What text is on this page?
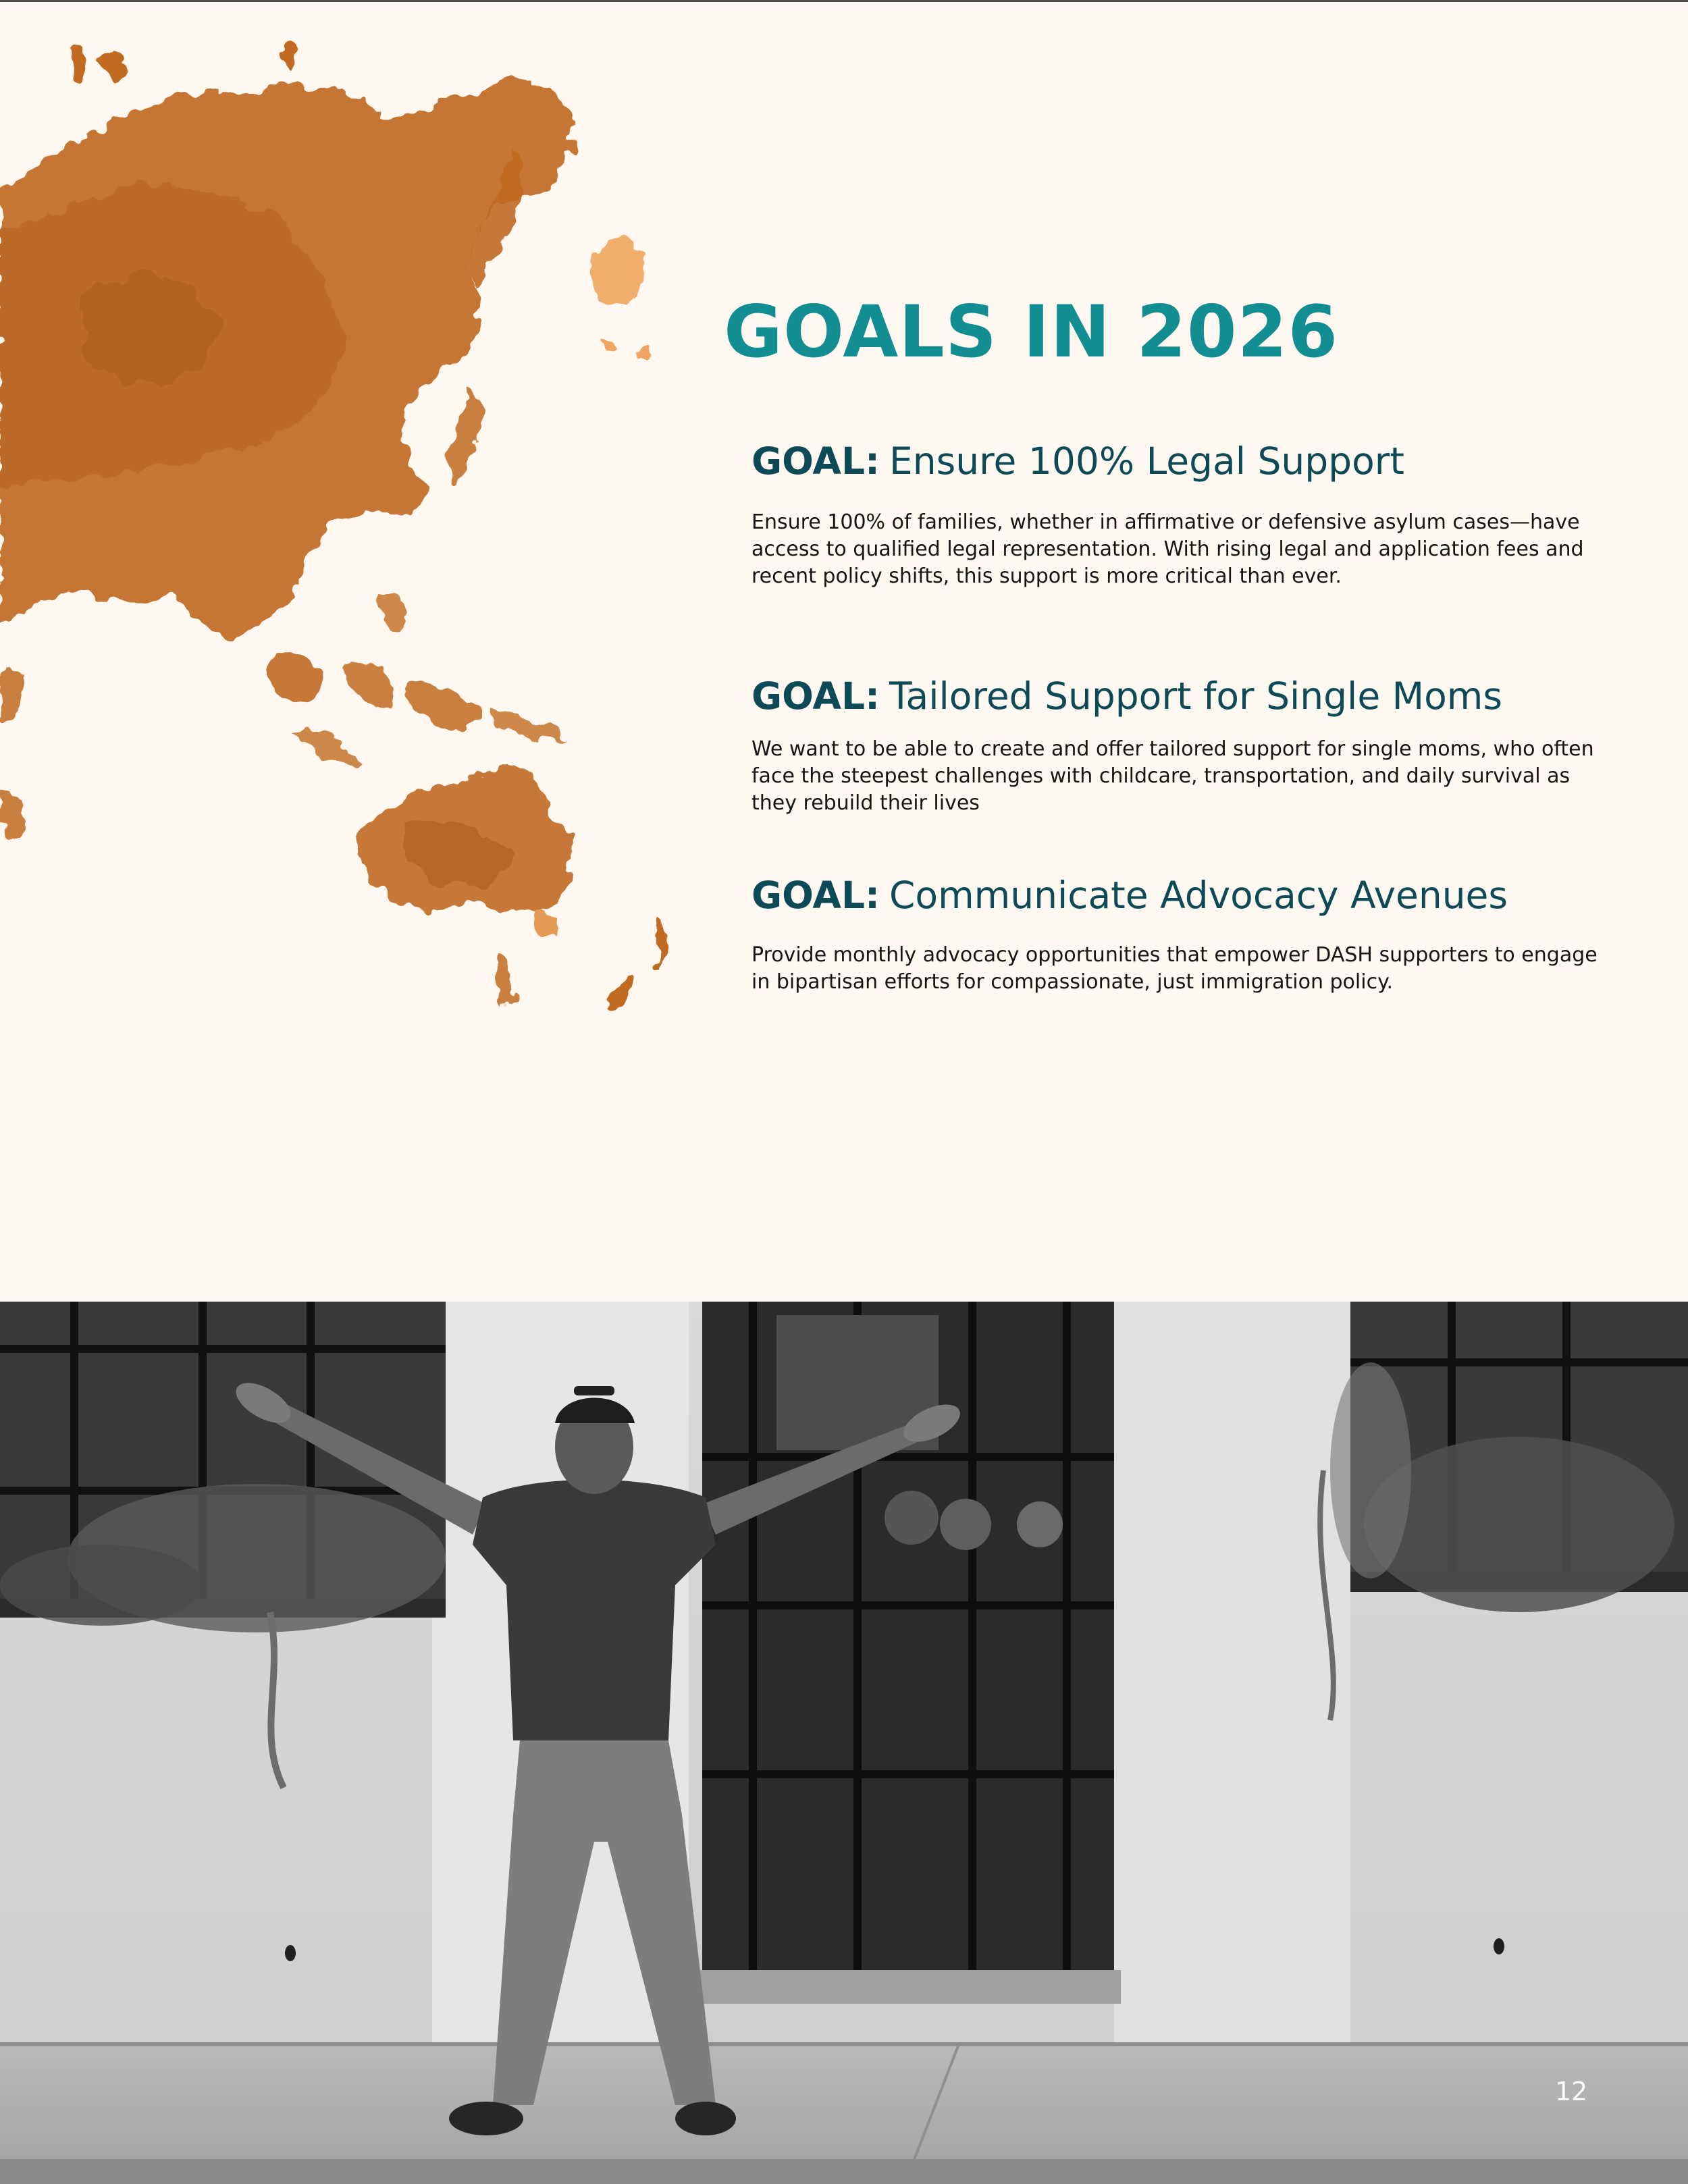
GOALS IN 2026
GOAL: Ensure 100% Legal Support

Ensure 100% of families, whether in affirmative or defensive asylum cases—have access to qualified legal representation. With rising legal and application fees and recent policy shifts, this support is more critical than ever.

GOAL: Tailored Support for Single Moms

We want to be able to create and offer tailored support for single moms, who often face the steepest challenges with childcare, transportation, and daily survival as they rebuild their lives

GOAL: Communicate Advocacy Avenues

Provide monthly advocacy opportunities that empower DASH supporters to engage in bipartisan efforts for compassionate, just immigration policy.

12
